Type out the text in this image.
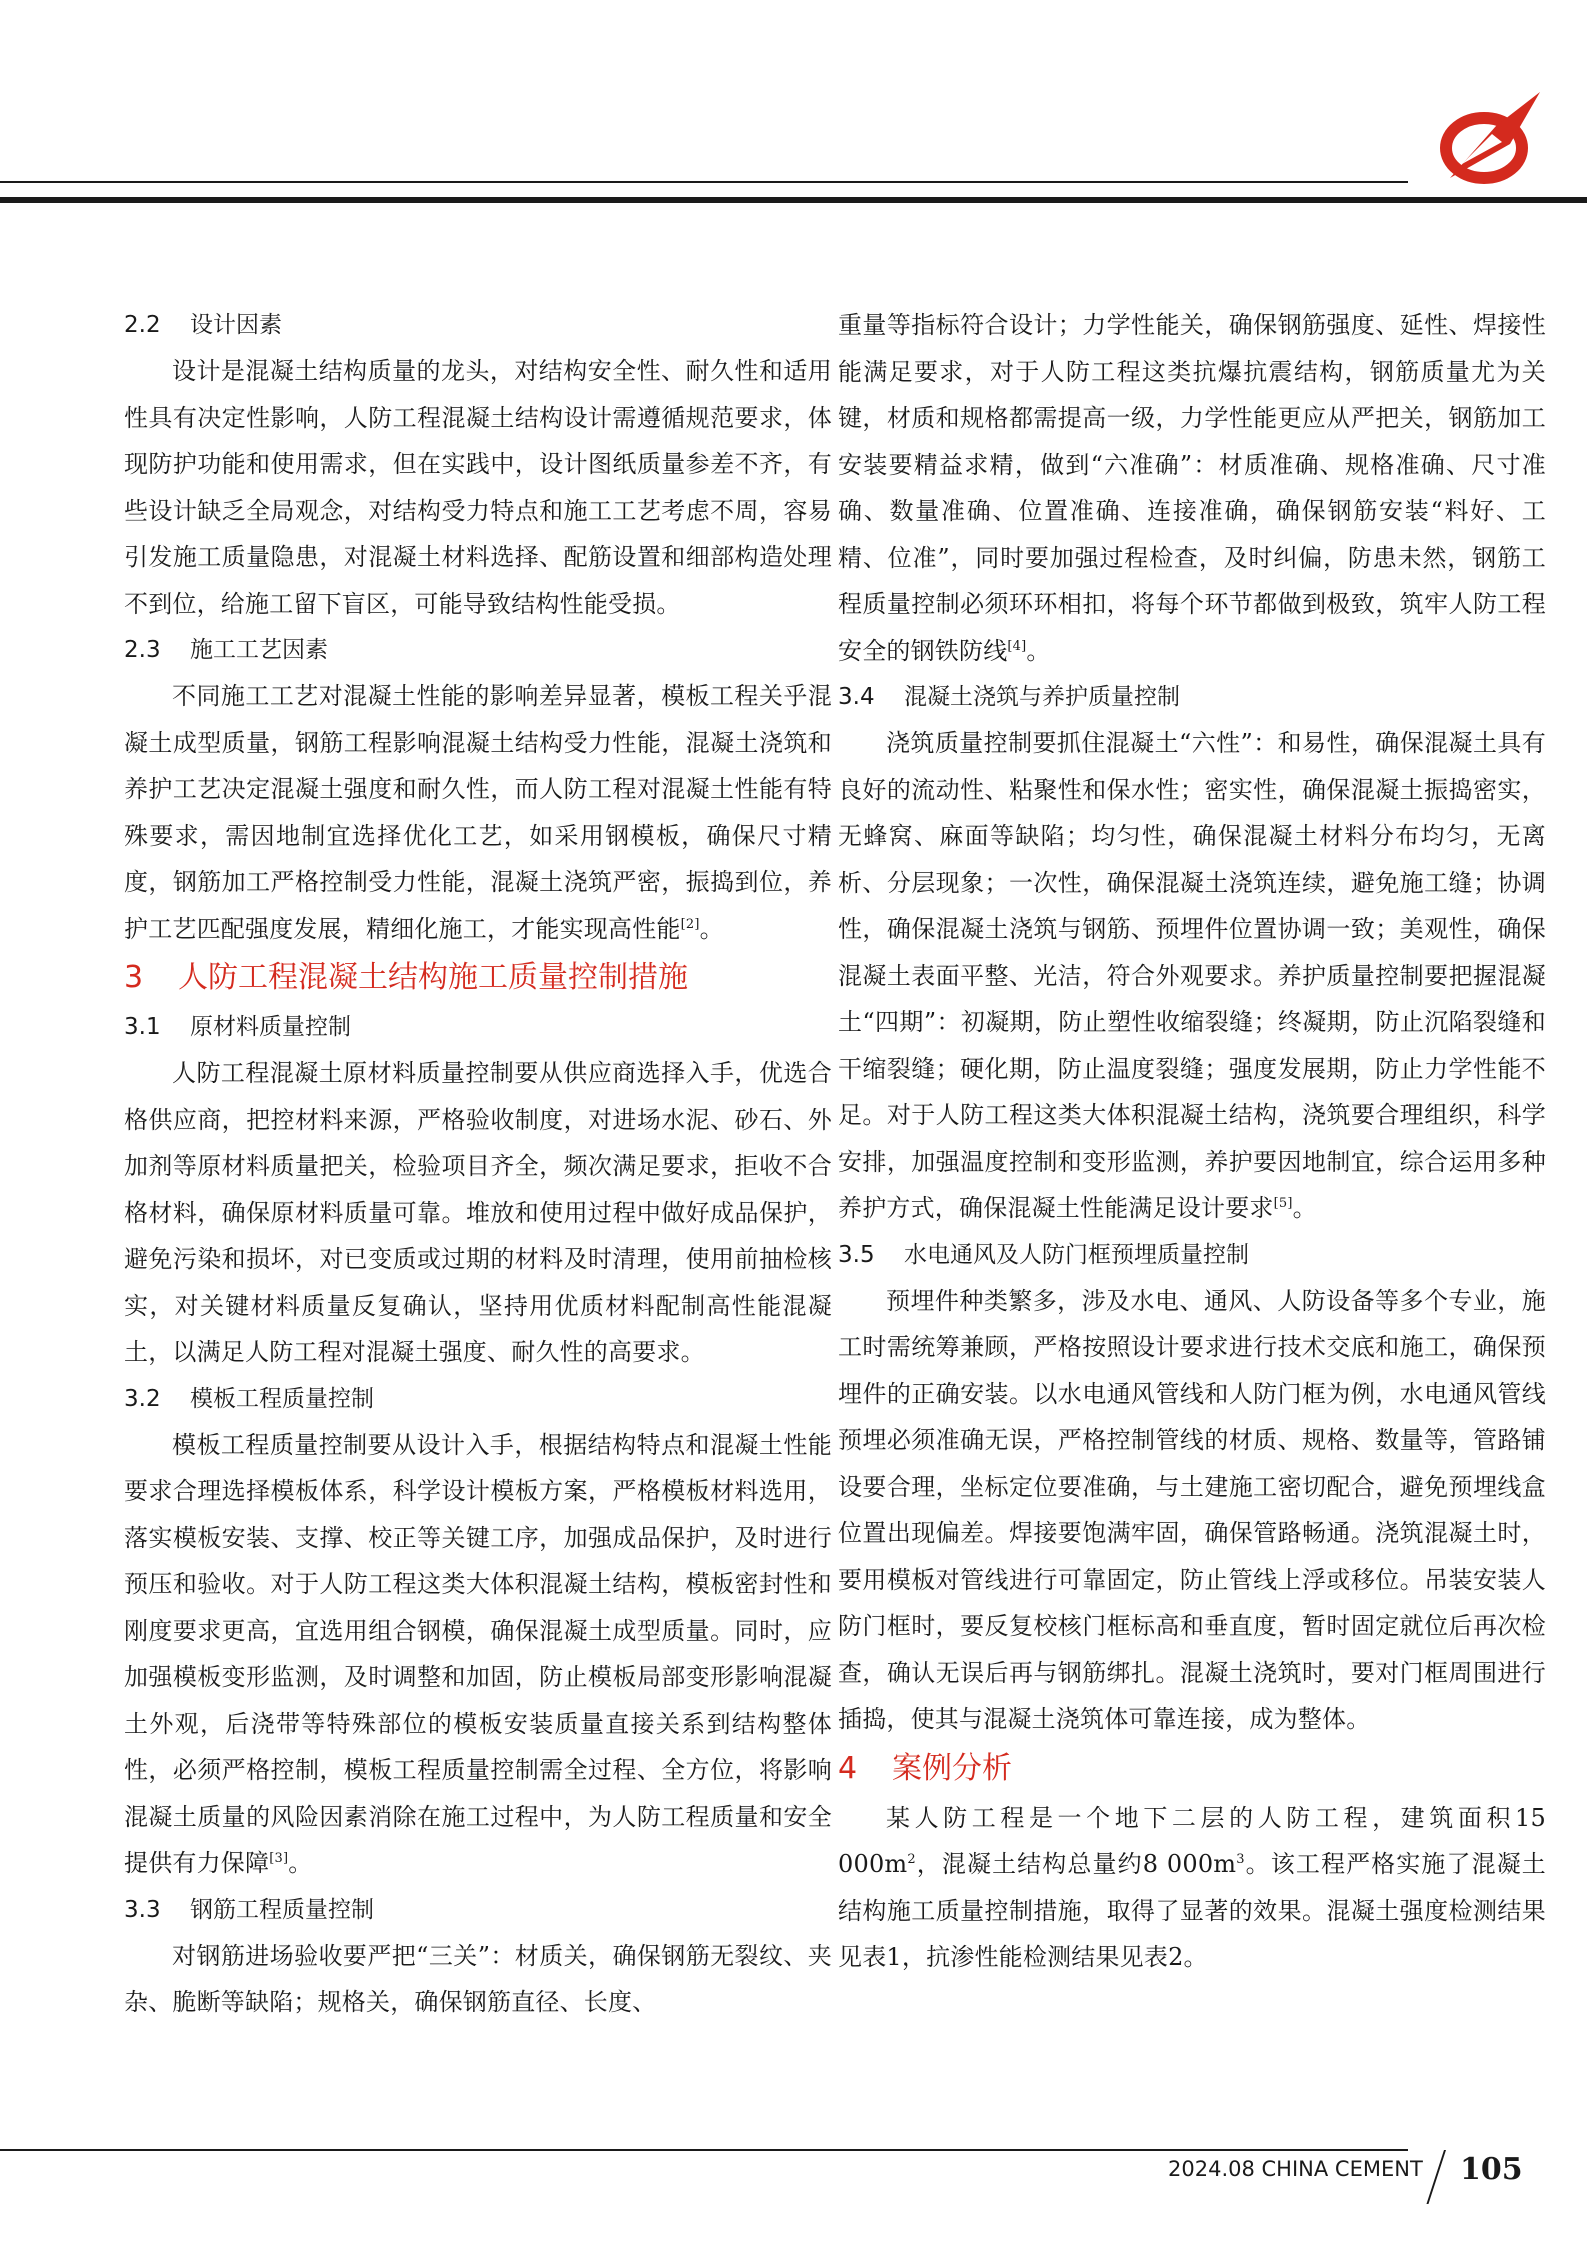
2.2 设计因素

设计是混凝土结构质量的龙头，对结构安全性、耐久性和适用性具有决定性影响，人防工程混凝土结构设计需遵循规范要求，体现防护功能和使用需求，但在实践中，设计图纸质量参差不齐，有些设计缺乏全局观念，对结构受力特点和施工工艺考虑不周，容易引发施工质量隐患，对混凝土材料选择、配筋设置和细部构造处理不到位，给施工留下盲区，可能导致结构性能受损。

2.3 施工工艺因素

不同施工工艺对混凝土性能的影响差异显著，模板工程关乎混凝土成型质量，钢筋工程影响混凝土结构受力性能，混凝土浇筑和养护工艺决定混凝土强度和耐久性，而人防工程对混凝土性能有特殊要求，需因地制宜选择优化工艺，如采用钢模板，确保尺寸精度，钢筋加工严格控制受力性能，混凝土浇筑严密，振捣到位，养护工艺匹配强度发展，精细化施工，才能实现高性能[2]。

3 人防工程混凝土结构施工质量控制措施
3.1 原材料质量控制

人防工程混凝土原材料质量控制要从供应商选择入手，优选合格供应商，把控材料来源，严格验收制度，对进场水泥、砂石、外加剂等原材料质量把关，检验项目齐全，频次满足要求，拒收不合格材料，确保原材料质量可靠。堆放和使用过程中做好成品保护，避免污染和损坏，对已变质或过期的材料及时清理，使用前抽检核实，对关键材料质量反复确认，坚持用优质材料配制高性能混凝土，以满足人防工程对混凝土强度、耐久性的高要求。

3.2 模板工程质量控制

模板工程质量控制要从设计入手，根据结构特点和混凝土性能要求合理选择模板体系，科学设计模板方案，严格模板材料选用，落实模板安装、支撑、校正等关键工序，加强成品保护，及时进行预压和验收。对于人防工程这类大体积混凝土结构，模板密封性和刚度要求更高，宜选用组合钢模，确保混凝土成型质量。同时，应加强模板变形监测，及时调整和加固，防止模板局部变形影响混凝土外观，后浇带等特殊部位的模板安装质量直接关系到结构整体性，必须严格控制，模板工程质量控制需全过程、全方位，将影响混凝土质量的风险因素消除在施工过程中，为人防工程质量和安全提供有力保障[3]。

3.3 钢筋工程质量控制

对钢筋进场验收要严把“三关”：材质关，确保钢筋无裂纹、夹杂、脆断等缺陷；规格关，确保钢筋直径、长度、

重量等指标符合设计；力学性能关，确保钢筋强度、延性、焊接性能满足要求，对于人防工程这类抗爆抗震结构，钢筋质量尤为关键，材质和规格都需提高一级，力学性能更应从严把关，钢筋加工安装要精益求精，做到“六准确”：材质准确、规格准确、尺寸准确、数量准确、位置准确、连接准确，确保钢筋安装“料好、工精、位准”，同时要加强过程检查，及时纠偏，防患未然，钢筋工程质量控制必须环环相扣，将每个环节都做到极致，筑牢人防工程安全的钢铁防线[4]。

3.4 混凝土浇筑与养护质量控制

浇筑质量控制要抓住混凝土“六性”：和易性，确保混凝土具有良好的流动性、粘聚性和保水性；密实性，确保混凝土振捣密实，无蜂窝、麻面等缺陷；均匀性，确保混凝土材料分布均匀，无离析、分层现象；一次性，确保混凝土浇筑连续，避免施工缝；协调性，确保混凝土浇筑与钢筋、预埋件位置协调一致；美观性，确保混凝土表面平整、光洁，符合外观要求。养护质量控制要把握混凝土“四期”：初凝期，防止塑性收缩裂缝；终凝期，防止沉陷裂缝和干缩裂缝；硬化期，防止温度裂缝；强度发展期，防止力学性能不足。对于人防工程这类大体积混凝土结构，浇筑要合理组织，科学安排，加强温度控制和变形监测，养护要因地制宜，综合运用多种养护方式，确保混凝土性能满足设计要求[5]。

3.5 水电通风及人防门框预埋质量控制

预埋件种类繁多，涉及水电、通风、人防设备等多个专业，施工时需统筹兼顾，严格按照设计要求进行技术交底和施工，确保预埋件的正确安装。以水电通风管线和人防门框为例，水电通风管线预埋必须准确无误，严格控制管线的材质、规格、数量等，管路铺设要合理，坐标定位要准确，与土建施工密切配合，避免预埋线盒位置出现偏差。焊接要饱满牢固，确保管路畅通。浇筑混凝土时，要用模板对管线进行可靠固定，防止管线上浮或移位。吊装安装人防门框时，要反复校核门框标高和垂直度，暂时固定就位后再次检查，确认无误后再与钢筋绑扎。混凝土浇筑时，要对门框周围进行插捣，使其与混凝土浇筑体可靠连接，成为整体。

4 案例分析

某人防工程是一个地下二层的人防工程，建筑面积15 $000m^2$，混凝土结构总量约8 $000m^3$。该工程严格实施了混凝土结构施工质量控制措施，取得了显著的效果。混凝土强度检测结果见表1，抗渗性能检测结果见表2。

2024.08 CHINA CEMENT 105
